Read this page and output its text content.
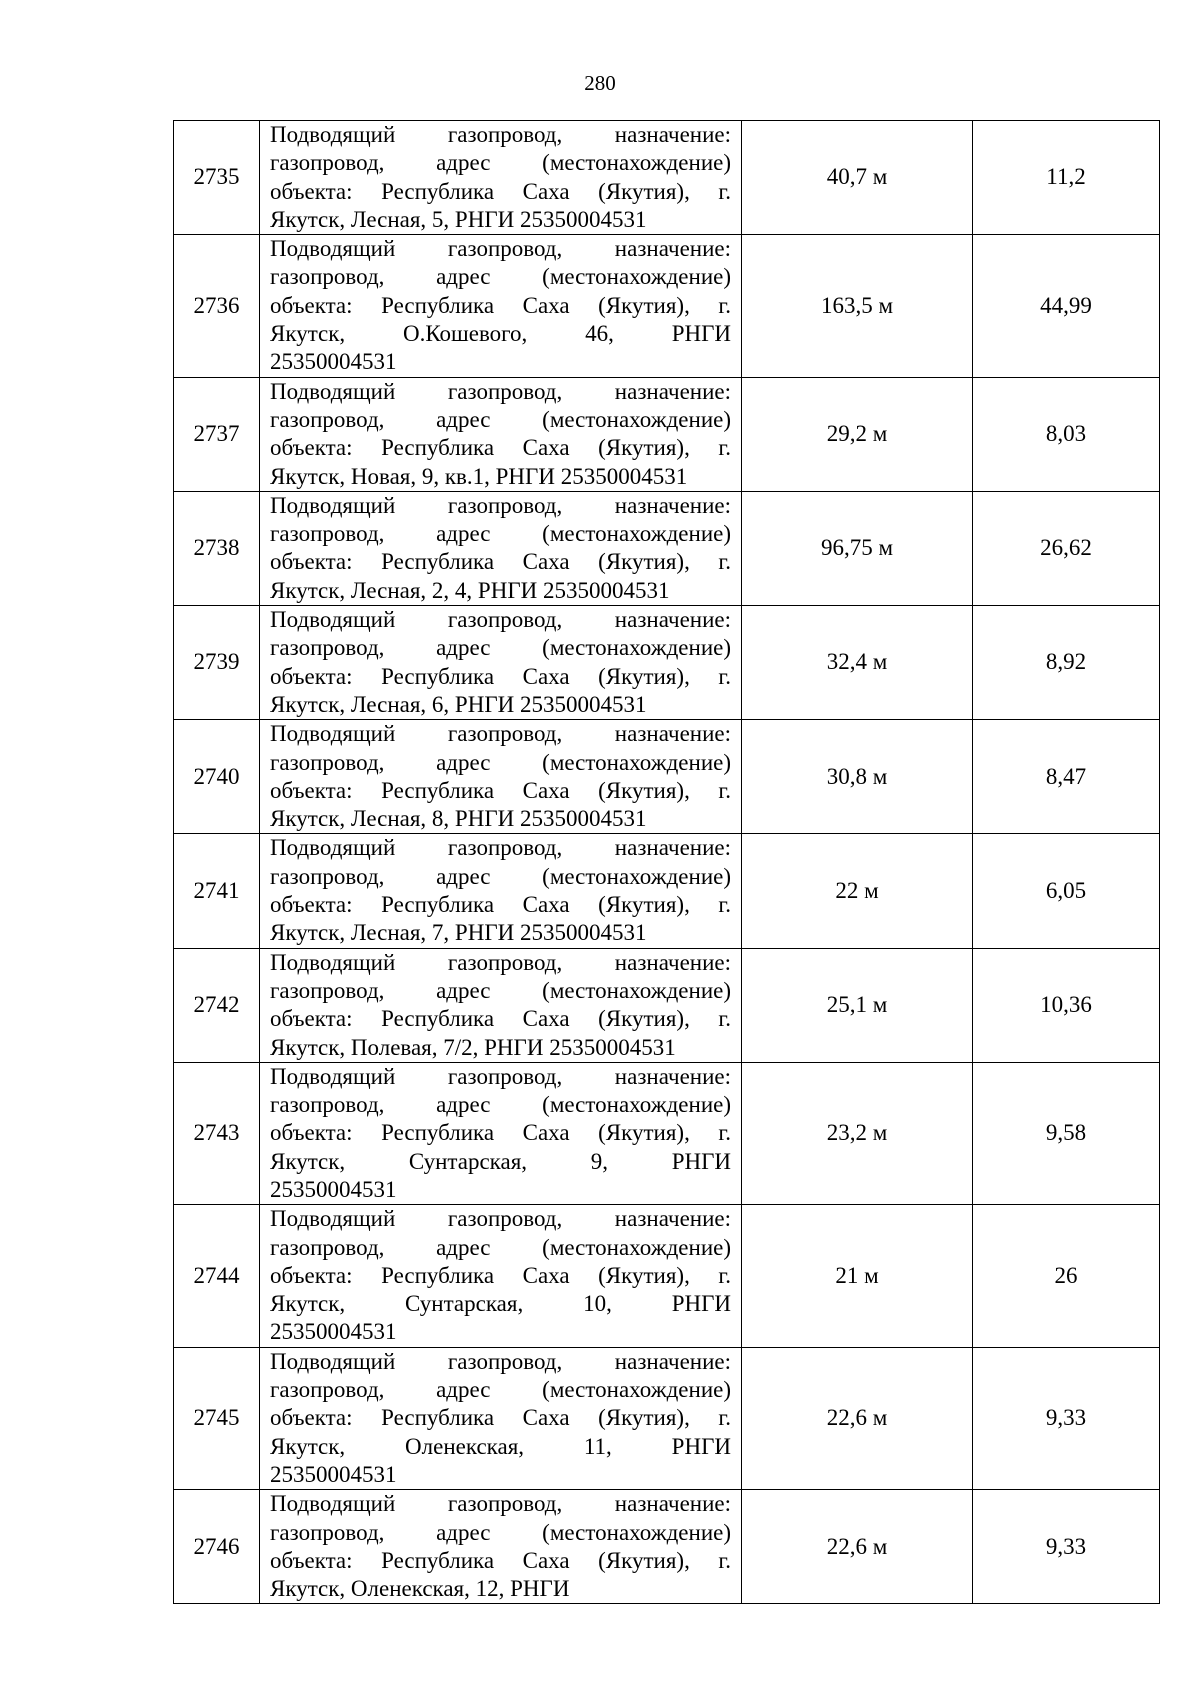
280
2735	Подводящий газопровод, назначение:
газопровод, адрес (местонахождение)
объекта: Республика Саха (Якутия), г.
Якутск, Лесная, 5, РНГИ 25350004531	40,7 м	11,2
2736	Подводящий газопровод, назначение:
газопровод, адрес (местонахождение)
объекта: Республика Саха (Якутия), г.
Якутск, О.Кошевого, 46, РНГИ
25350004531	163,5 м	44,99
2737	Подводящий газопровод, назначение:
газопровод, адрес (местонахождение)
объекта: Республика Саха (Якутия), г.
Якутск, Новая, 9, кв.1, РНГИ 25350004531	29,2 м	8,03
2738	Подводящий газопровод, назначение:
газопровод, адрес (местонахождение)
объекта: Республика Саха (Якутия), г.
Якутск, Лесная, 2, 4, РНГИ 25350004531	96,75 м	26,62
2739	Подводящий газопровод, назначение:
газопровод, адрес (местонахождение)
объекта: Республика Саха (Якутия), г.
Якутск, Лесная, 6, РНГИ 25350004531	32,4 м	8,92
2740	Подводящий газопровод, назначение:
газопровод, адрес (местонахождение)
объекта: Республика Саха (Якутия), г.
Якутск, Лесная, 8, РНГИ 25350004531	30,8 м	8,47
2741	Подводящий газопровод, назначение:
газопровод, адрес (местонахождение)
объекта: Республика Саха (Якутия), г.
Якутск, Лесная, 7, РНГИ 25350004531	22 м	6,05
2742	Подводящий газопровод, назначение:
газопровод, адрес (местонахождение)
объекта: Республика Саха (Якутия), г.
Якутск, Полевая, 7/2, РНГИ 25350004531	25,1 м	10,36
2743	Подводящий газопровод, назначение:
газопровод, адрес (местонахождение)
объекта: Республика Саха (Якутия), г.
Якутск, Сунтарская, 9, РНГИ
25350004531	23,2 м	9,58
2744	Подводящий газопровод, назначение:
газопровод, адрес (местонахождение)
объекта: Республика Саха (Якутия), г.
Якутск, Сунтарская, 10, РНГИ
25350004531	21 м	26
2745	Подводящий газопровод, назначение:
газопровод, адрес (местонахождение)
объекта: Республика Саха (Якутия), г.
Якутск, Оленекская, 11, РНГИ
25350004531	22,6 м	9,33
2746	Подводящий газопровод, назначение:
газопровод, адрес (местонахождение)
объекта: Республика Саха (Якутия), г.
Якутск, Оленекская, 12, РНГИ	22,6 м	9,33
